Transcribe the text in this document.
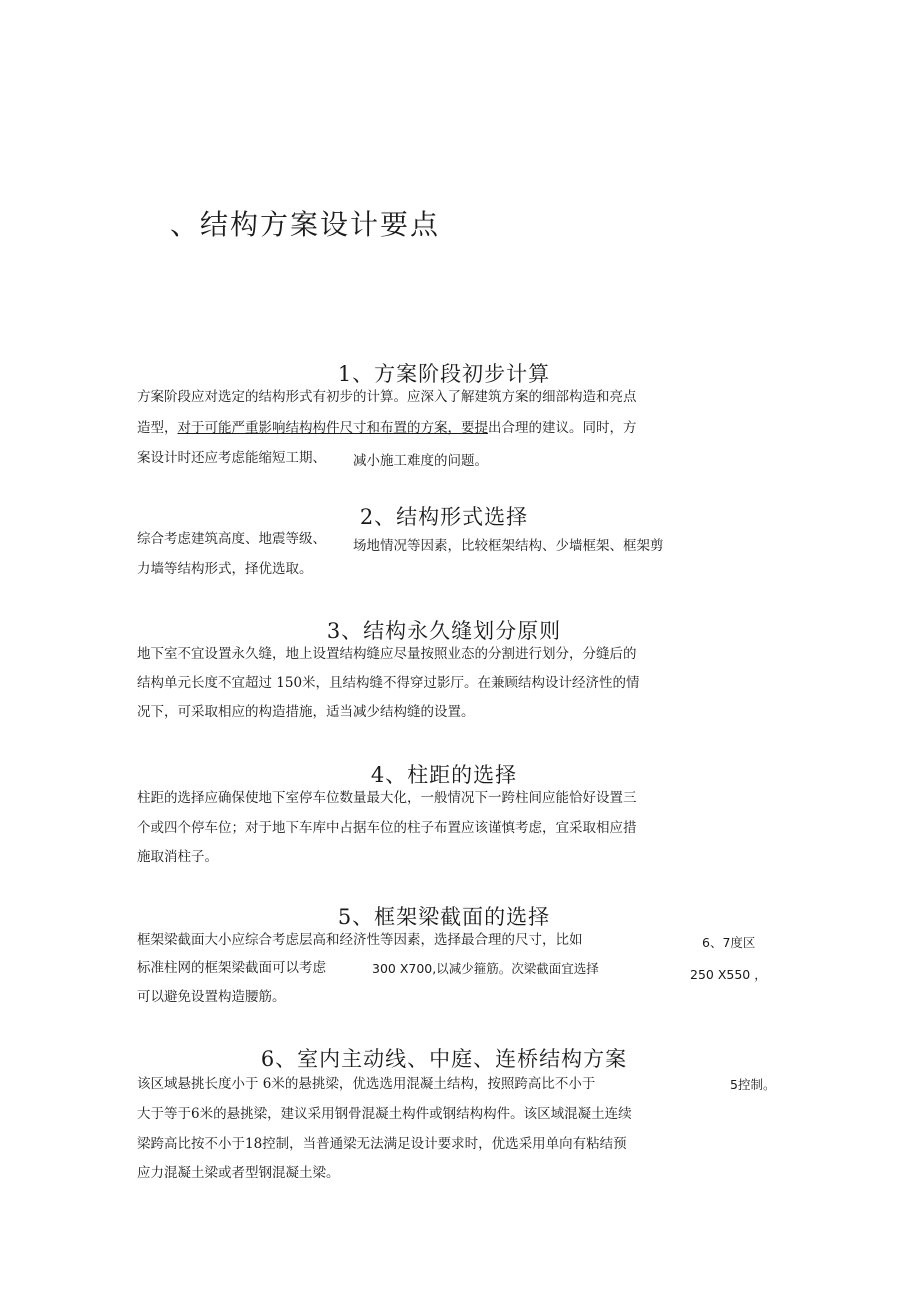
、结构方案设计要点
1、方案阶段初步计算
方案阶段应对选定的结构形式有初步的计算。应深入了解建筑方案的细部构造和亮点
造型，对于可能严重影响结构构件尺寸和布置的方案，要提出合理的建议。同时，方
案设计时还应考虑能缩短工期、 减小施工难度的问题。
2、结构形式选择
综合考虑建筑高度、地震等级、 场地情况等因素，比较框架结构、少墙框架、框架剪
力墙等结构形式，择优选取。
3、结构永久缝划分原则
地下室不宜设置永久缝，地上设置结构缝应尽量按照业态的分割进行划分，分缝后的
结构单元长度不宜超过 150米，且结构缝不得穿过影厅。在兼顾结构设计经济性的情
况下，可采取相应的构造措施，适当减少结构缝的设置。
4、柱距的选择
柱距的选择应确保使地下室停车位数量最大化，一般情况下一跨柱间应能恰好设置三
个或四个停车位；对于地下车库中占据车位的柱子布置应该谨慎考虑，宜采取相应措
施取消柱子。
5、框架梁截面的选择
框架梁截面大小应综合考虑层高和经济性等因素，选择最合理的尺寸，比如	6、7度区
标准柱网的框架梁截面可以考虑	300 X700,以减少箍筋。次梁截面宜选择	250 X550 ，
可以避免设置构造腰筋。
6、室内主动线、中庭、连桥结构方案
该区域悬挑长度小于 6米的悬挑梁，优选选用混凝土结构，按照跨高比不小于	5控制。
大于等于6米的悬挑梁，建议采用钢骨混凝土构件或钢结构构件。该区域混凝土连续
梁跨高比按不小于18控制，当普通梁无法满足设计要求时，优选采用单向有粘结预
应力混凝土梁或者型钢混凝土梁。
